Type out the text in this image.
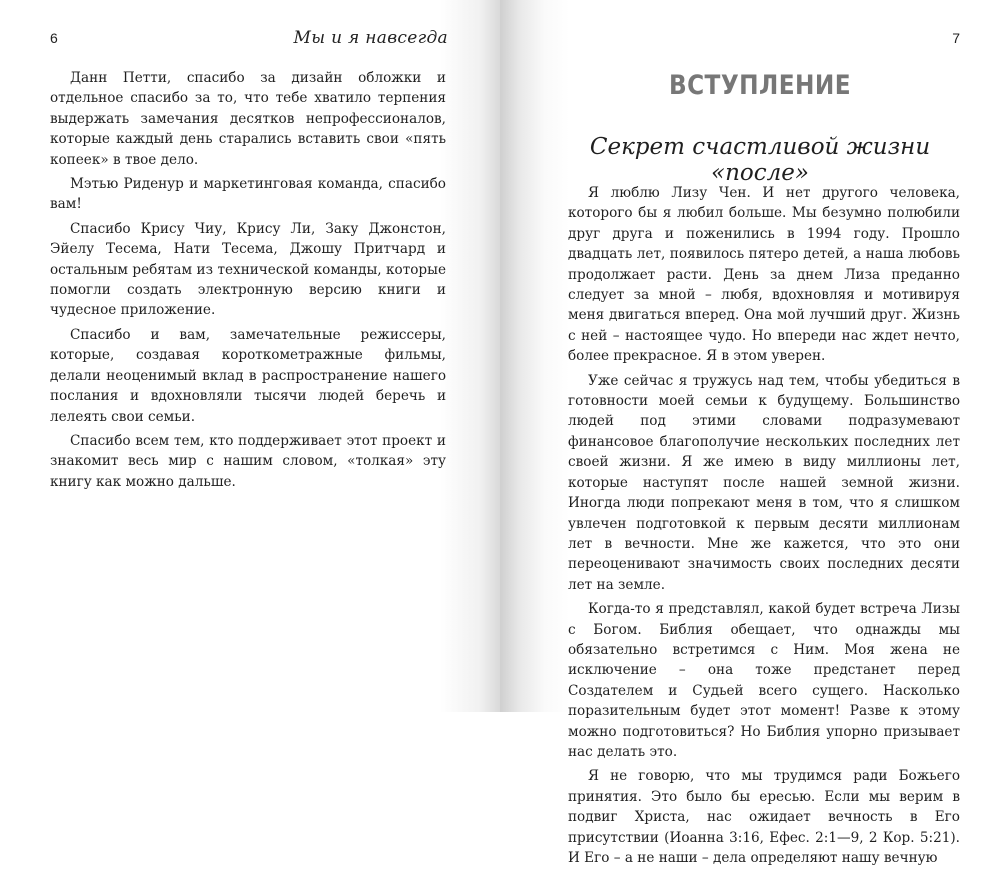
6	Мы и я навсегда

Данн Петти, спасибо за дизайн обложки и отдельное спасибо за то, что тебе хватило терпения выдержать замечания десятков непрофессионалов, которые каждый день старались вставить свои «пять копеек» в твое дело.

Мэтью Риденур и маркетинговая команда, спасибо вам!

Спасибо Крису Чиу, Крису Ли, Заку Джонстон, Эйелу Тесема, Нати Тесема, Джошу Притчард и остальным ребятам из технической команды, которые помогли создать электронную версию книги и чудесное приложение.

Спасибо и вам, замечательные режиссеры, которые, создавая короткометражные фильмы, делали неоценимый вклад в распространение нашего послания и вдохновляли тысячи людей беречь и лелеять свои семьи.

Спасибо всем тем, кто поддерживает этот проект и знакомит весь мир с нашим словом, «толкая» эту книгу как можно дальше.

7
ВСТУПЛЕНИЕ
Секрет счастливой жизни «после»

Я люблю Лизу Чен. И нет другого человека, которого бы я любил больше. Мы безумно полюбили друг друга и поженились в 1994 году. Прошло двадцать лет, появилось пятеро детей, а наша любовь продолжает расти. День за днем Лиза преданно следует за мной – любя, вдохновляя и мотивируя меня двигаться вперед. Она мой лучший друг. Жизнь с ней – настоящее чудо. Но впереди нас ждет нечто, более прекрасное. Я в этом уверен.

Уже сейчас я тружусь над тем, чтобы убедиться в готовности моей семьи к будущему. Большинство людей под этими словами подразумевают финансовое благополучие нескольких последних лет своей жизни. Я же имею в виду миллионы лет, которые наступят после нашей земной жизни. Иногда люди попрекают меня в том, что я слишком увлечен подготовкой к первым десяти миллионам лет в вечности. Мне же кажется, что это они переоценивают значимость своих последних десяти лет на земле.

Когда-то я представлял, какой будет встреча Лизы с Богом. Библия обещает, что однажды мы обязательно встретимся с Ним. Моя жена не исключение – она тоже предстанет перед Создателем и Судьей всего сущего. Насколько поразительным будет этот момент! Разве к этому можно подготовиться? Но Библия упорно призывает нас делать это.

Я не говорю, что мы трудимся ради Божьего принятия. Это было бы ересью. Если мы верим в подвиг Христа, нас ожидает вечность в Его присутствии (Иоанна 3:16, Ефес. 2:1—9, 2 Кор. 5:21). И Его – а не наши – дела определяют нашу вечную
